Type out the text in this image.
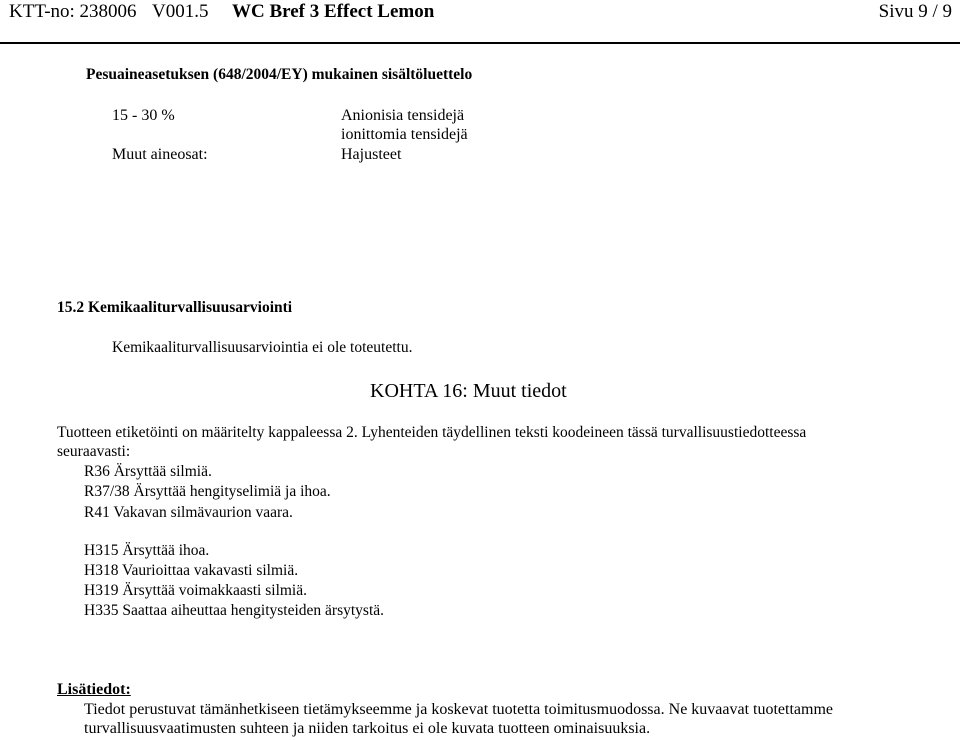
KTT-no: 238006 V001.5 WC Bref 3 Effect Lemon	Sivu 9 / 9
Pesuaineasetuksen (648/2004/EY) mukainen sisältöluettelo
15 - 30 %	Anionisia tensidejä
ionittomia tensidejä
Muut aineosat:	Hajusteet
15.2 Kemikaaliturvallisuusarviointi
Kemikaaliturvallisuusarviointia ei ole toteutettu.
KOHTA 16: Muut tiedot
Tuotteen etiketöinti on määritelty kappaleessa 2. Lyhenteiden täydellinen teksti koodeineen tässä turvallisuustiedotteessa
seuraavasti:
R36 Ärsyttää silmiä.
R37/38 Ärsyttää hengityselimiä ja ihoa.
R41 Vakavan silmävaurion vaara.
H315 Ärsyttää ihoa.
H318 Vaurioittaa vakavasti silmiä.
H319 Ärsyttää voimakkaasti silmiä.
H335 Saattaa aiheuttaa hengitysteiden ärsytystä.
Lisätiedot:
Tiedot perustuvat tämänhetkiseen tietämykseemme ja koskevat tuotetta toimitusmuodossa. Ne kuvaavat tuotettamme
turvallisuusvaatimusten suhteen ja niiden tarkoitus ei ole kuvata tuotteen ominaisuuksia.
